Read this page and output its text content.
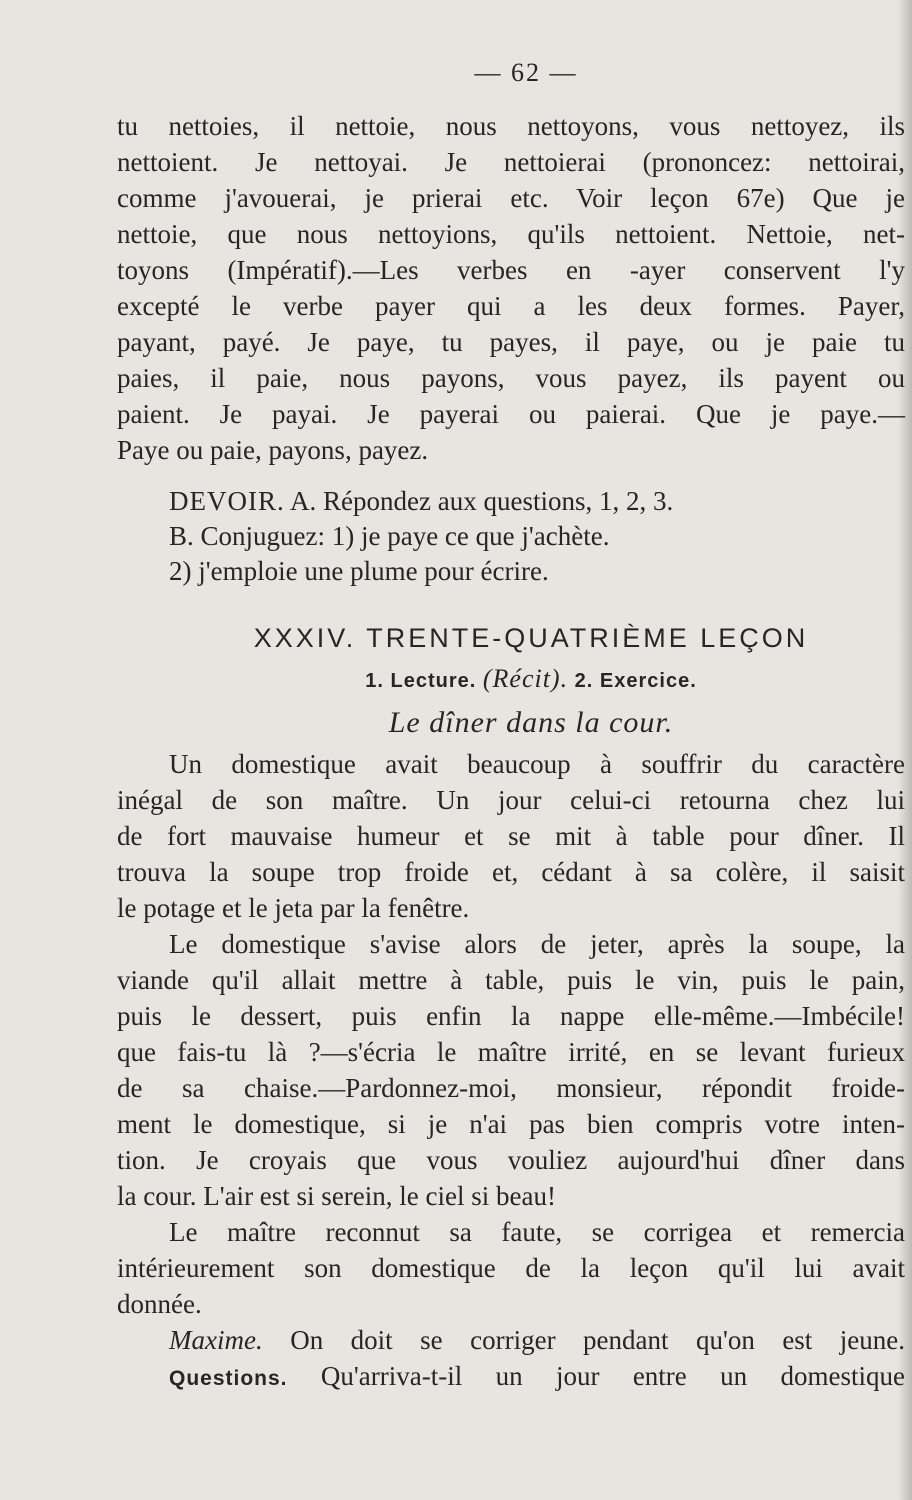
— 62 —
tu nettoies, il nettoie, nous nettoyons, vous nettoyez, ils
nettoient. Je nettoyai. Je nettoierai (prononcez: nettoirai,
comme j'avouerai, je prierai etc. Voir leçon 67e) Que je
nettoie, que nous nettoyions, qu'ils nettoient. Nettoie, net-
toyons (Impératif).—Les verbes en -ayer conservent l'y
excepté le verbe payer qui a les deux formes. Payer,
payant, payé. Je paye, tu payes, il paye, ou je paie tu
paies, il paie, nous payons, vous payez, ils payent ou
paient. Je payai. Je payerai ou paierai. Que je paye.—
Paye ou paie, payons, payez.
DEVOIR. A. Répondez aux questions, 1, 2, 3.
B. Conjuguez: 1) je paye ce que j'achète.
2) j'emploie une plume pour écrire.
XXXIV. TRENTE-QUATRIÈME LEÇON
1. Lecture. (Récit). 2. Exercice.
Le dîner dans la cour.
Un domestique avait beaucoup à souffrir du caractère
inégal de son maître. Un jour celui-ci retourna chez lui
de fort mauvaise humeur et se mit à table pour dîner. Il
trouva la soupe trop froide et, cédant à sa colère, il saisit
le potage et le jeta par la fenêtre.
Le domestique s'avise alors de jeter, après la soupe, la
viande qu'il allait mettre à table, puis le vin, puis le pain,
puis le dessert, puis enfin la nappe elle-même.—Imbécile!
que fais-tu là ?—s'écria le maître irrité, en se levant furieux
de sa chaise.—Pardonnez-moi, monsieur, répondit froide-
ment le domestique, si je n'ai pas bien compris votre inten-
tion. Je croyais que vous vouliez aujourd'hui dîner dans
la cour. L'air est si serein, le ciel si beau!
Le maître reconnut sa faute, se corrigea et remercia
intérieurement son domestique de la leçon qu'il lui avait
donnée.
Maxime. On doit se corriger pendant qu'on est jeune.
Questions. Qu'arriva-t-il un jour entre un domestique
